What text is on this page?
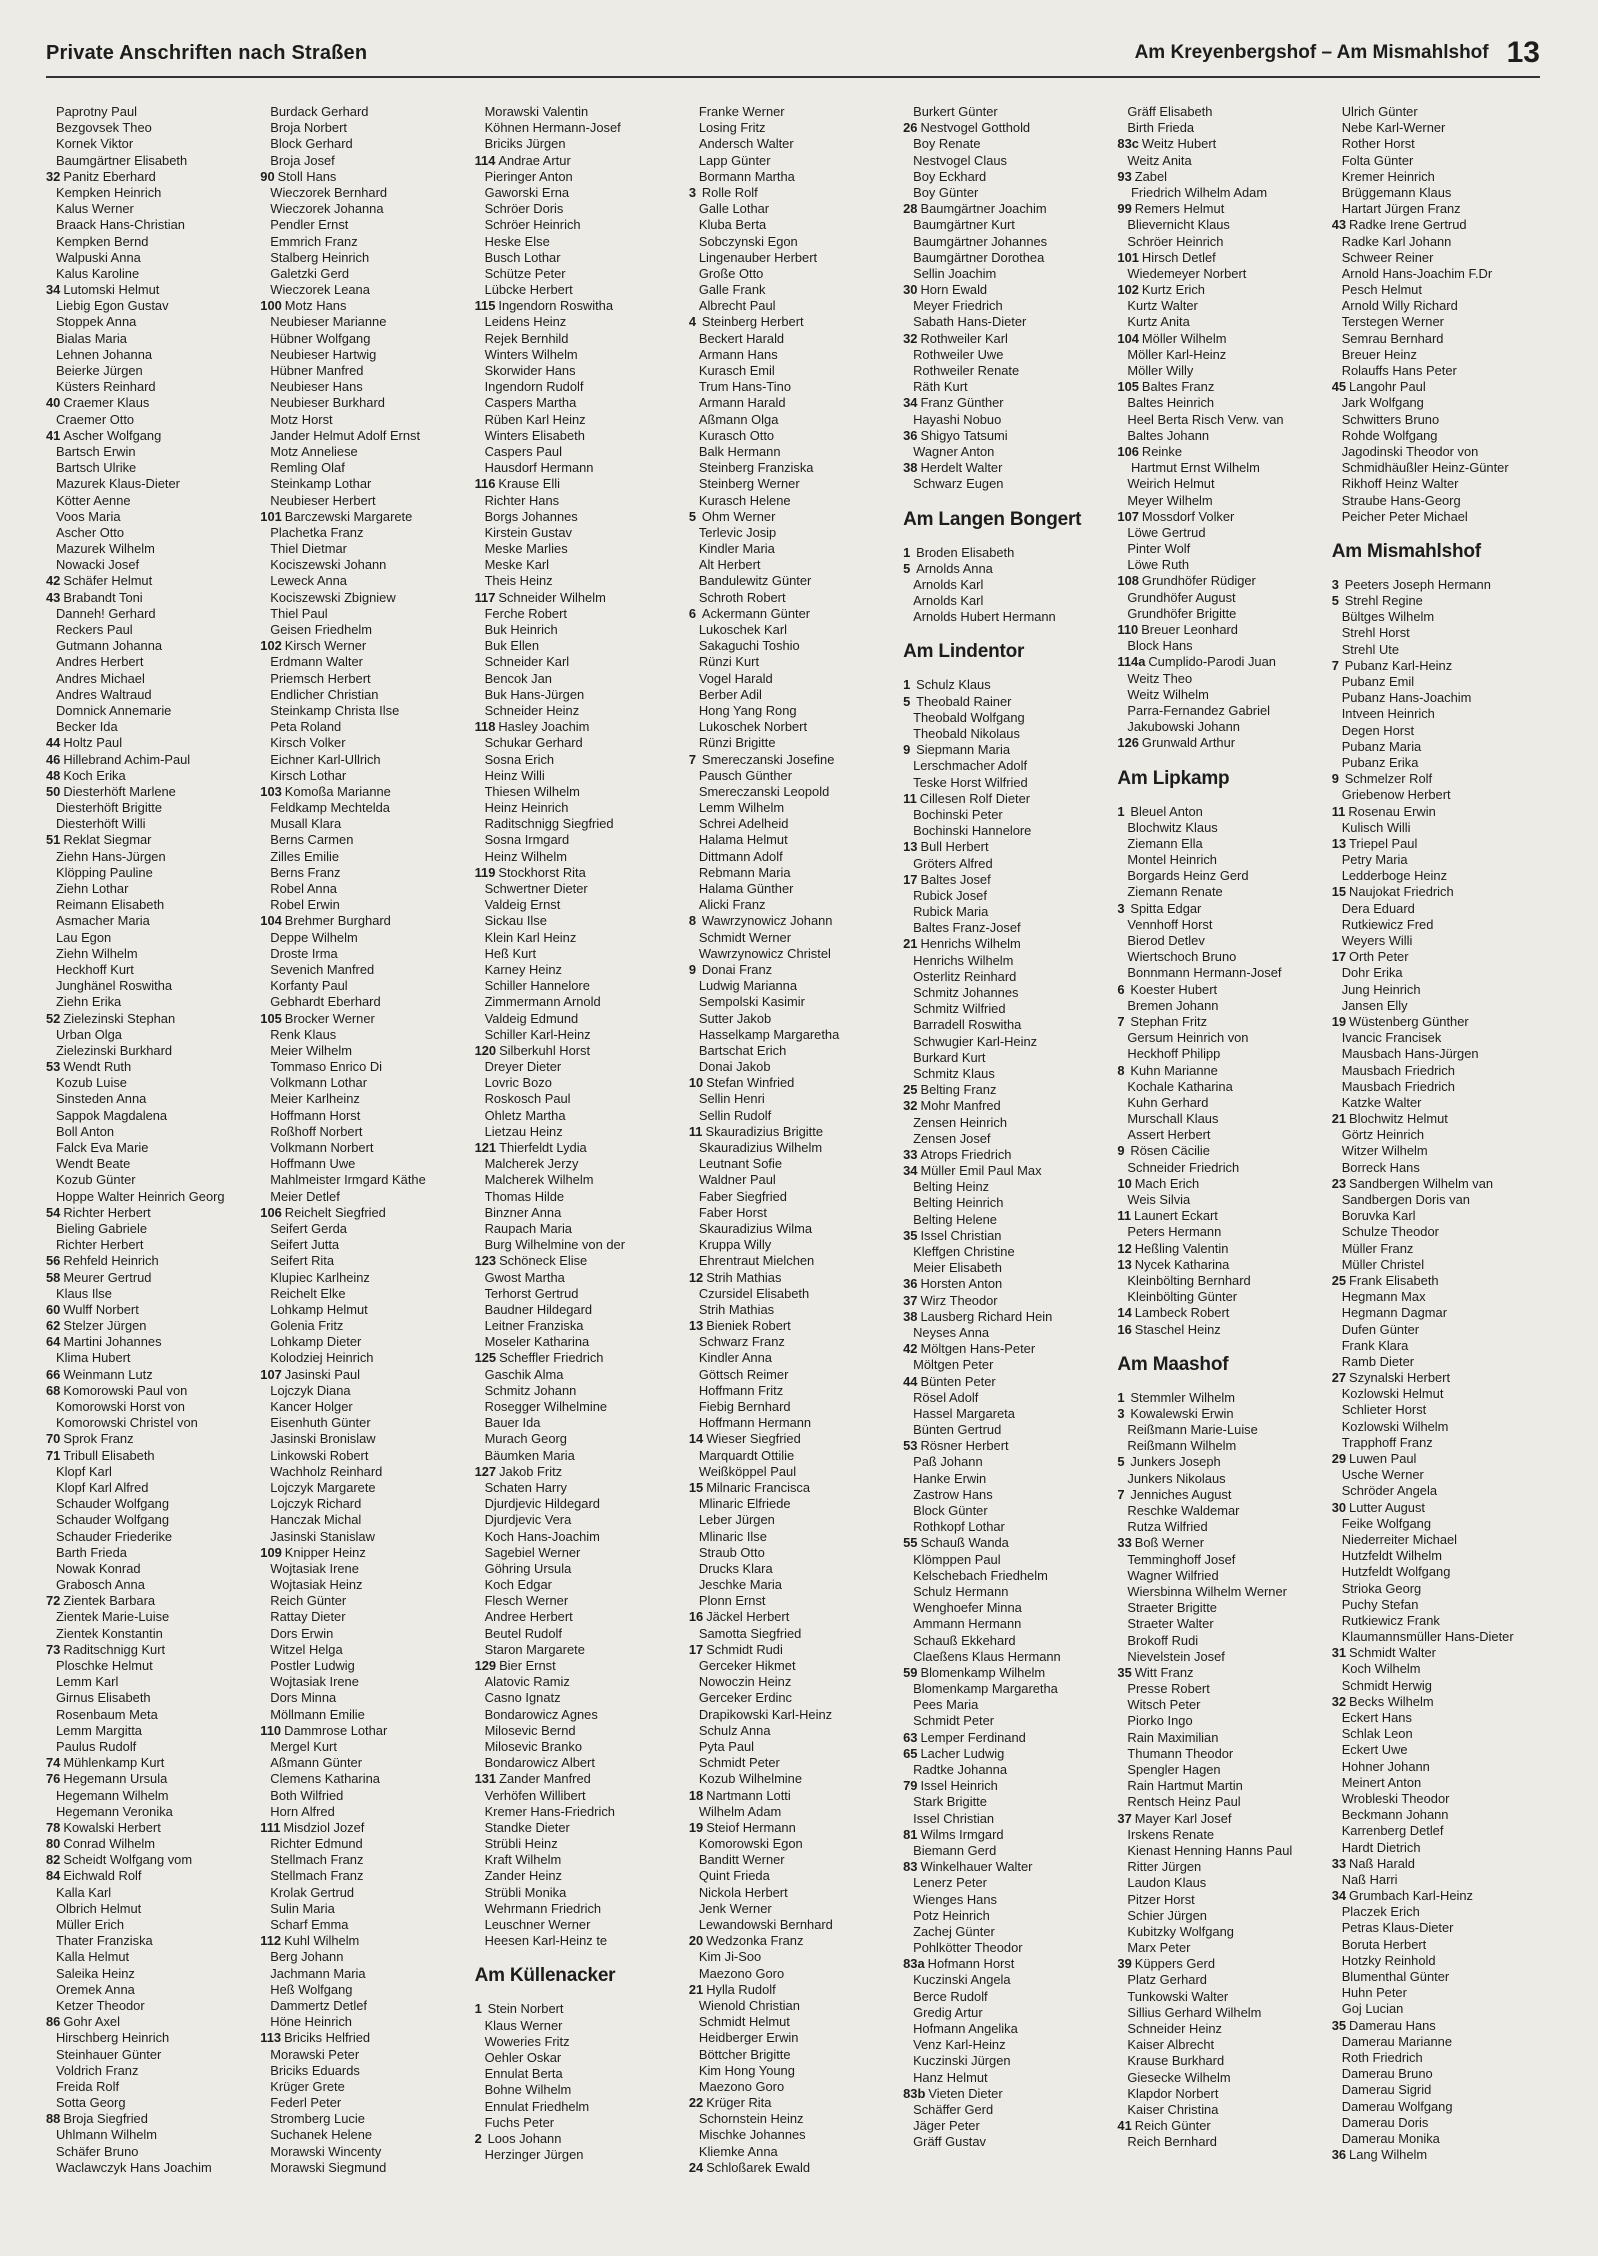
Private Anschriften nach Straßen	Am Kreyenbergshof – Am Mismahlshof 13
Paprotny Paul
Bezgovsek Theo
Kornek Viktor
Baumgärtner Elisabeth
32 Panitz Eberhard
Kempken Heinrich
Kalus Werner
Braack Hans-Christian
Kempken Bernd
Walpuski Anna
Kalus Karoline
34 Lutomski Helmut
Liebig Egon Gustav
Stoppek Anna
Bialas Maria
Lehnen Johanna
Beierke Jürgen
Küsters Reinhard
40 Craemer Klaus
Craemer Otto
41 Ascher Wolfgang
Bartsch Erwin
Bartsch Ulrike
Mazurek Klaus-Dieter
Kötter Aenne
Voos Maria
Ascher Otto
Mazurek Wilhelm
Nowacki Josef
42 Schäfer Helmut
43 Brabandt Toni
Danneh! Gerhard
Reckers Paul
Gutmann Johanna
Andres Herbert
Andres Michael
Andres Waltraud
Domnick Annemarie
Becker Ida
44 Holtz Paul
46 Hillebrand Achim-Paul
48 Koch Erika
50 Diesterhöft Marlene
Diesterhöft Brigitte
Diesterhöft Willi
51 Reklat Siegmar
Ziehn Hans-Jürgen
Klöpping Pauline
Ziehn Lothar
Reimann Elisabeth
Asmacher Maria
Lau Egon
Ziehn Wilhelm
Heckhoff Kurt
Junghänel Roswitha
Ziehn Erika
52 Zielezinski Stephan
Urban Olga
Zielezinski Burkhard
53 Wendt Ruth
Kozub Luise
Sinsteden Anna
Sappok Magdalena
Boll Anton
Falck Eva Marie
Wendt Beate
Kozub Günter
Hoppe Walter Heinrich Georg
54 Richter Herbert
Bieling Gabriele
Richter Herbert
56 Rehfeld Heinrich
58 Meurer Gertrud
Klaus Ilse
60 Wulff Norbert
62 Stelzer Jürgen
64 Martini Johannes
Klima Hubert
66 Weinmann Lutz
68 Komorowski Paul von
Komorowski Horst von
Komorowski Christel von
70 Sprok Franz
71 Tribull Elisabeth
Klopf Karl
Klopf Karl Alfred
Schauder Wolfgang
Schauder Wolfgang
Schauder Friederike
Barth Frieda
Nowak Konrad
Grabosch Anna
72 Zientek Barbara
Zientek Marie-Luise
Zientek Konstantin
73 Raditschnigg Kurt
Ploschke Helmut
Lemm Karl
Girnus Elisabeth
Rosenbaum Meta
Lemm Margitta
Paulus Rudolf
74 Mühlenkamp Kurt
76 Hegemann Ursula
Hegemann Wilhelm
Hegemann Veronika
78 Kowalski Herbert
80 Conrad Wilhelm
82 Scheidt Wolfgang vom
84 Eichwald Rolf
Kalla Karl
Olbrich Helmut
Müller Erich
Thater Franziska
Kalla Helmut
Saleika Heinz
Oremek Anna
Ketzer Theodor
86 Gohr Axel
Hirschberg Heinrich
Steinhauer Günter
Voldrich Franz
Freida Rolf
Sotta Georg
88 Broja Siegfried
Uhlmann Wilhelm
Schäfer Bruno
Waclawczyk Hans Joachim
Burdack Gerhard
Broja Norbert
Block Gerhard
Broja Josef
90 Stoll Hans
Wieczorek Bernhard
Wieczorek Johanna
Pendler Ernst
Emmrich Franz
Stalberg Heinrich
Galetzki Gerd
Wieczorek Leana
100 Motz Hans
Neubieser Marianne
Hübner Wolfgang
Neubieser Hartwig
Hübner Manfred
Neubieser Hans
Neubieser Burkhard
Motz Horst
Jander Helmut Adolf Ernst
Motz Anneliese
Remling Olaf
Steinkamp Lothar
Neubieser Herbert
101 Barczewski Margarete
Plachetka Franz
Thiel Dietmar
Kociszewski Johann
Leweck Anna
Kociszewski Zbigniew
Thiel Paul
Geisen Friedhelm
102 Kirsch Werner
Erdmann Walter
Priemsch Herbert
Endlicher Christian
Steinkamp Christa Ilse
Peta Roland
Kirsch Volker
Eichner Karl-Ullrich
Kirsch Lothar
103 Komoßa Marianne
Feldkamp Mechtelda
Musall Klara
Berns Carmen
Zilles Emilie
Berns Franz
Robel Anna
Robel Erwin
104 Brehmer Burghard
Deppe Wilhelm
Droste Irma
Sevenich Manfred
Korfanty Paul
Gebhardt Eberhard
105 Brocker Werner
Renk Klaus
Meier Wilhelm
Tommaso Enrico Di
Volkmann Lothar
Meier Karlheinz
Hoffmann Horst
Roßhoff Norbert
Volkmann Norbert
Hoffmann Uwe
Mahlmeister Irmgard Käthe
Meier Detlef
106 Reichelt Siegfried
Seifert Gerda
Seifert Jutta
Seifert Rita
Klupiec Karlheinz
Reichelt Elke
Lohkamp Helmut
Golenia Fritz
Lohkamp Dieter
Kolodziej Heinrich
107 Jasinski Paul
Lojczyk Diana
Kancer Holger
Eisenhuth Günter
Jasinski Bronislaw
Linkowski Robert
Wachholz Reinhard
Lojczyk Margarete
Lojczyk Richard
Hanczak Michal
Jasinski Stanislaw
109 Knipper Heinz
Wojtasiak Irene
Wojtasiak Heinz
Reich Günter
Rattay Dieter
Dors Erwin
Witzel Helga
Postler Ludwig
Wojtasiak Irene
Dors Minna
Möllmann Emilie
110 Dammrose Lothar
Mergel Kurt
Aßmann Günter
Clemens Katharina
Both Wilfried
Horn Alfred
111 Misdziol Jozef
Richter Edmund
Stellmach Franz
Stellmach Franz
Krolak Gertrud
Sulin Maria
Scharf Emma
112 Kuhl Wilhelm
Berg Johann
Jachmann Maria
Heß Wolfgang
Dammertz Detlef
Höne Heinrich
113 Briciks Helfried
Morawski Peter
Briciks Eduards
Krüger Grete
Federl Peter
Stromberg Lucie
Suchanek Helene
Morawski Wincenty
Morawski Siegmund
Morawski Valentin
Köhnen Hermann-Josef
Briciks Jürgen
114 Andrae Artur
Pieringer Anton
Gaworski Erna
Schröer Doris
Schröer Heinrich
Heske Else
Busch Lothar
Schütze Peter
Lübcke Herbert
115 Ingendorn Roswitha
Leidens Heinz
Rejek Bernhild
Winters Wilhelm
Skorwider Hans
Ingendorn Rudolf
Caspers Martha
Rüben Karl Heinz
Winters Elisabeth
Caspers Paul
Hausdorf Hermann
116 Krause Elli
Richter Hans
Borgs Johannes
Kirstein Gustav
Meske Marlies
Meske Karl
Theis Heinz
117 Schneider Wilhelm
Ferche Robert
Buk Heinrich
Buk Ellen
Schneider Karl
Bencok Jan
Buk Hans-Jürgen
Schneider Heinz
118 Hasley Joachim
Schukar Gerhard
Sosna Erich
Heinz Willi
Thiesen Wilhelm
Heinz Heinrich
Raditschnigg Siegfried
Sosna Irmgard
Heinz Wilhelm
119 Stockhorst Rita
Schwertner Dieter
Valdeig Ernst
Sickau Ilse
Klein Karl Heinz
Heß Kurt
Karney Heinz
Schiller Hannelore
Zimmermann Arnold
Valdeig Edmund
Schiller Karl-Heinz
120 Silberkuhl Horst
Dreyer Dieter
Lovric Bozo
Roskosch Paul
Ohletz Martha
Lietzau Heinz
121 Thierfeldt Lydia
Malcherek Jerzy
Malcherek Wilhelm
Thomas Hilde
Binzner Anna
Raupach Maria
Burg Wilhelmine von der
123 Schöneck Elise
Gwost Martha
Terhorst Gertrud
Baudner Hildegard
Leitner Franziska
Moseler Katharina
125 Scheffler Friedrich
Gaschik Alma
Schmitz Johann
Rosegger Wilhelmine
Bauer Ida
Murach Georg
Bäumken Maria
127 Jakob Fritz
Schaten Harry
Djurdjevic Hildegard
Djurdjevic Vera
Koch Hans-Joachim
Sagebiel Werner
Göhring Ursula
Koch Edgar
Flesch Werner
Andree Herbert
Beutel Rudolf
Staron Margarete
129 Bier Ernst
Alatovic Ramiz
Casno Ignatz
Bondarowicz Agnes
Milosevic Bernd
Milosevic Branko
Bondarowicz Albert
131 Zander Manfred
Verhöfen Willibert
Kremer Hans-Friedrich
Standke Dieter
Strübli Heinz
Kraft Wilhelm
Zander Heinz
Strübli Monika
Wehrmann Friedrich
Leuschner Werner
Heesen Karl-Heinz te
Am Küllenacker
1 Stein Norbert
Klaus Werner
Woweries Fritz
Oehler Oskar
Ennulat Berta
Bohne Wilhelm
Ennulat Friedhelm
Fuchs Peter
2 Loos Johann
Herzinger Jürgen
Franke Werner
Losing Fritz
Andersch Walter
Lapp Günter
Bormann Martha
3 Rolle Rolf
Galle Lothar
Kluba Berta
Sobczynski Egon
Lingenauber Herbert
Große Otto
Galle Frank
Albrecht Paul
4 Steinberg Herbert
Beckert Harald
Armann Hans
Kurasch Emil
Trum Hans-Tino
Armann Harald
Aßmann Olga
Kurasch Otto
Balk Hermann
Steinberg Franziska
Steinberg Werner
Kurasch Helene
5 Ohm Werner
Terlevic Josip
Kindler Maria
Alt Herbert
Bandulewitz Günter
Schroth Robert
6 Ackermann Günter
Lukoschek Karl
Sakaguchi Toshio
Rünzi Kurt
Vogel Harald
Berber Adil
Hong Yang Rong
Lukoschek Norbert
Rünzi Brigitte
7 Smereczanski Josefine
Pausch Günther
Smereczanski Leopold
Lemm Wilhelm
Schrei Adelheid
Halama Helmut
Dittmann Adolf
Rebmann Maria
Halama Günther
Alicki Franz
8 Wawrzynowicz Johann
Schmidt Werner
Wawrzynowicz Christel
9 Donai Franz
Ludwig Marianna
Sempolski Kasimir
Sutter Jakob
Hasselkamp Margaretha
Bartschat Erich
Donai Jakob
10 Stefan Winfried
Sellin Henri
Sellin Rudolf
11 Skauradizius Brigitte
Skauradizius Wilhelm
Leutnant Sofie
Waldner Paul
Faber Siegfried
Faber Horst
Skauradizius Wilma
Kruppa Willy
Ehrentraut Mielchen
12 Strih Mathias
Czursidel Elisabeth
Strih Mathias
13 Bieniek Robert
Schwarz Franz
Kindler Anna
Göttsch Reimer
Hoffmann Fritz
Fiebig Bernhard
Hoffmann Hermann
14 Wieser Siegfried
Marquardt Ottilie
Weißköppel Paul
15 Milnaric Francisca
Mlinaric Elfriede
Leber Jürgen
Mlinaric Ilse
Straub Otto
Drucks Klara
Jeschke Maria
Plonn Ernst
16 Jäckel Herbert
Samotta Siegfried
17 Schmidt Rudi
Gerceker Hikmet
Nowoczin Heinz
Gerceker Erdinc
Drapikowski Karl-Heinz
Schulz Anna
Pyta Paul
Schmidt Peter
Kozub Wilhelmine
18 Nartmann Lotti
Wilhelm Adam
19 Steiof Hermann
Komorowski Egon
Banditt Werner
Quint Frieda
Nickola Herbert
Jenk Werner
Lewandowski Bernhard
20 Wedzonka Franz
Kim Ji-Soo
Maezono Goro
21 Hylla Rudolf
Wienold Christian
Schmidt Helmut
Heidberger Erwin
Böttcher Brigitte
Kim Hong Young
Maezono Goro
22 Krüger Rita
Schornstein Heinz
Mischke Johannes
Kliemke Anna
24 Schloßarek Ewald
Burkert Günter
26 Nestvogel Gotthold
Boy Renate
Nestvogel Claus
Boy Eckhard
Boy Günter
28 Baumgärtner Joachim
Baumgärtner Kurt
Baumgärtner Johannes
Baumgärtner Dorothea
Sellin Joachim
30 Horn Ewald
Meyer Friedrich
Sabath Hans-Dieter
32 Rothweiler Karl
Rothweiler Uwe
Rothweiler Renate
Räth Kurt
34 Franz Günther
Hayashi Nobuo
36 Shigyo Tatsumi
Wagner Anton
38 Herdelt Walter
Schwarz Eugen
Am Langen Bongert
1 Broden Elisabeth
5 Arnolds Anna
Arnolds Karl
Arnolds Karl
Arnolds Hubert Hermann
Am Lindentor
1 Schulz Klaus
5 Theobald Rainer
Theobald Wolfgang
Theobald Nikolaus
9 Siepmann Maria
Lerschmacher Adolf
Teske Horst Wilfried
11 Cillesen Rolf Dieter
Bochinski Peter
Bochinski Hannelore
13 Bull Herbert
Gröters Alfred
17 Baltes Josef
Rubick Josef
Rubick Maria
Baltes Franz-Josef
21 Henrichs Wilhelm
Henrichs Wilhelm
Osterlitz Reinhard
Schmitz Johannes
Schmitz Wilfried
Barradell Roswitha
Schwugier Karl-Heinz
Burkard Kurt
Schmitz Klaus
25 Belting Franz
32 Mohr Manfred
Zensen Heinrich
Zensen Josef
33 Atrops Friedrich
34 Müller Emil Paul Max
Belting Heinz
Belting Heinrich
Belting Helene
35 Issel Christian
Kleffgen Christine
Meier Elisabeth
36 Horsten Anton
37 Wirz Theodor
38 Lausberg Richard Hein
Neyses Anna
42 Möltgen Hans-Peter
Möltgen Peter
44 Bünten Peter
Rösel Adolf
Hassel Margareta
Bünten Gertrud
53 Rösner Herbert
Paß Johann
Hanke Erwin
Zastrow Hans
Block Günter
Rothkopf Lothar
55 Schauß Wanda
Klömppen Paul
Kelschebach Friedhelm
Schulz Hermann
Wenghoefer Minna
Ammann Hermann
Schauß Ekkehard
Claeßens Klaus Hermann
59 Blomenkamp Wilhelm
Blomenkamp Margaretha
Pees Maria
Schmidt Peter
63 Lemper Ferdinand
65 Lacher Ludwig
Radtke Johanna
79 Issel Heinrich
Stark Brigitte
Issel Christian
81 Wilms Irmgard
Biemann Gerd
83 Winkelhauer Walter
Lenerz Peter
Wienges Hans
Potz Heinrich
Zachej Günter
Pohlkötter Theodor
83a Hofmann Horst
Kuczinski Angela
Berce Rudolf
Gredig Artur
Hofmann Angelika
Venz Karl-Heinz
Kuczinski Jürgen
Hanz Helmut
83b Vieten Dieter
Schäffer Gerd
Jäger Peter
Gräff Gustav
Gräff Elisabeth
Birth Frieda
83c Weitz Hubert
Weitz Anita
93 Zabel
Friedrich Wilhelm Adam
99 Remers Helmut
Blievernicht Klaus
Schröer Heinrich
101 Hirsch Detlef
Wiedemeyer Norbert
102 Kurtz Erich
Kurtz Walter
Kurtz Anita
104 Möller Wilhelm
Möller Karl-Heinz
Möller Willy
105 Baltes Franz
Baltes Heinrich
Heel Berta Risch Verw. van
Baltes Johann
106 Reinke
Hartmut Ernst Wilhelm
Weirich Helmut
Meyer Wilhelm
107 Mossdorf Volker
Löwe Gertrud
Pinter Wolf
Löwe Ruth
108 Grundhöfer Rüdiger
Grundhöfer August
Grundhöfer Brigitte
110 Breuer Leonhard
Block Hans
114a Cumplido-Parodi Juan
Weitz Theo
Weitz Wilhelm
Parra-Fernandez Gabriel
Jakubowski Johann
126 Grunwald Arthur
Am Lipkamp
1 Bleuel Anton
Blochwitz Klaus
Ziemann Ella
Montel Heinrich
Borgards Heinz Gerd
Ziemann Renate
3 Spitta Edgar
Vennhoff Horst
Bierod Detlev
Wiertschoch Bruno
Bonnmann Hermann-Josef
6 Koester Hubert
Bremen Johann
7 Stephan Fritz
Gersum Heinrich von
Heckhoff Philipp
8 Kuhn Marianne
Kochale Katharina
Kuhn Gerhard
Murschall Klaus
Assert Herbert
9 Rösen Cäcilie
Schneider Friedrich
10 Mach Erich
Weis Silvia
11 Launert Eckart
Peters Hermann
12 Heßling Valentin
13 Nycek Katharina
Kleinbölting Bernhard
Kleinbölting Günter
14 Lambeck Robert
16 Staschel Heinz
Am Maashof
1 Stemmler Wilhelm
3 Kowalewski Erwin
Reißmann Marie-Luise
Reißmann Wilhelm
5 Junkers Joseph
Junkers Nikolaus
7 Jenniches August
Reschke Waldemar
Rutza Wilfried
33 Boß Werner
Temminghoff Josef
Wagner Wilfried
Wiersbinna Wilhelm Werner
Straeter Brigitte
Straeter Walter
Brokoff Rudi
Nievelstein Josef
35 Witt Franz
Presse Robert
Witsch Peter
Piorko Ingo
Rain Maximilian
Thumann Theodor
Spengler Hagen
Rain Hartmut Martin
Rentsch Heinz Paul
37 Mayer Karl Josef
Irskens Renate
Kienast Henning Hanns Paul
Ritter Jürgen
Laudon Klaus
Pitzer Horst
Schier Jürgen
Kubitzky Wolfgang
Marx Peter
39 Küppers Gerd
Platz Gerhard
Tunkowski Walter
Sillius Gerhard Wilhelm
Schneider Heinz
Kaiser Albrecht
Krause Burkhard
Giesecke Wilhelm
Klapdor Norbert
Kaiser Christina
41 Reich Günter
Reich Bernhard
Ulrich Günter
Nebe Karl-Werner
Rother Horst
Folta Günter
Kremer Heinrich
Brüggemann Klaus
Hartart Jürgen Franz
43 Radke Irene Gertrud
Radke Karl Johann
Schweer Reiner
Arnold Hans-Joachim F.Dr
Pesch Helmut
Arnold Willy Richard
Terstegen Werner
Semrau Bernhard
Breuer Heinz
Rolauffs Hans Peter
45 Langohr Paul
Jark Wolfgang
Schwitters Bruno
Rohde Wolfgang
Jagodinski Theodor von
Schmidhäußler Heinz-Günter
Rikhoff Heinz Walter
Straube Hans-Georg
Peicher Peter Michael
Am Mismahlshof
3 Peeters Joseph Hermann
5 Strehl Regine
Bültges Wilhelm
Strehl Horst
Strehl Ute
7 Pubanz Karl-Heinz
Pubanz Emil
Pubanz Hans-Joachim
Intveen Heinrich
Degen Horst
Pubanz Maria
Pubanz Erika
9 Schmelzer Rolf
Griebenow Herbert
11 Rosenau Erwin
Kulisch Willi
13 Triepel Paul
Petry Maria
Ledderboge Heinz
15 Naujokat Friedrich
Dera Eduard
Rutkiewicz Fred
Weyers Willi
17 Orth Peter
Dohr Erika
Jung Heinrich
Jansen Elly
19 Wüstenberg Günther
Ivancic Francisek
Mausbach Hans-Jürgen
Mausbach Friedrich
Mausbach Friedrich
Katzke Walter
21 Blochwitz Helmut
Görtz Heinrich
Witzer Wilhelm
Borreck Hans
23 Sandbergen Wilhelm van
Sandbergen Doris van
Boruvka Karl
Schulze Theodor
Müller Franz
Müller Christel
25 Frank Elisabeth
Hegmann Max
Hegmann Dagmar
Dufen Günter
Frank Klara
Ramb Dieter
27 Szynalski Herbert
Kozlowski Helmut
Schlieter Horst
Kozlowski Wilhelm
Trapphoff Franz
29 Luwen Paul
Usche Werner
Schröder Angela
30 Lutter August
Feike Wolfgang
Niederreiter Michael
Hutzfeldt Wilhelm
Hutzfeldt Wolfgang
Strioka Georg
Puchy Stefan
Rutkiewicz Frank
Klaumannsmüller Hans-Dieter
31 Schmidt Walter
Koch Wilhelm
Schmidt Herwig
32 Becks Wilhelm
Eckert Hans
Schlak Leon
Eckert Uwe
Hohner Johann
Meinert Anton
Wrobleski Theodor
Beckmann Johann
Karrenberg Detlef
Hardt Dietrich
33 Naß Harald
Naß Harri
34 Grumbach Karl-Heinz
Placzek Erich
Petras Klaus-Dieter
Boruta Herbert
Hotzky Reinhold
Blumenthal Günter
Huhn Peter
Goj Lucian
35 Damerau Hans
Damerau Marianne
Roth Friedrich
Damerau Bruno
Damerau Sigrid
Damerau Wolfgang
Damerau Doris
Damerau Monika
36 Lang Wilhelm
